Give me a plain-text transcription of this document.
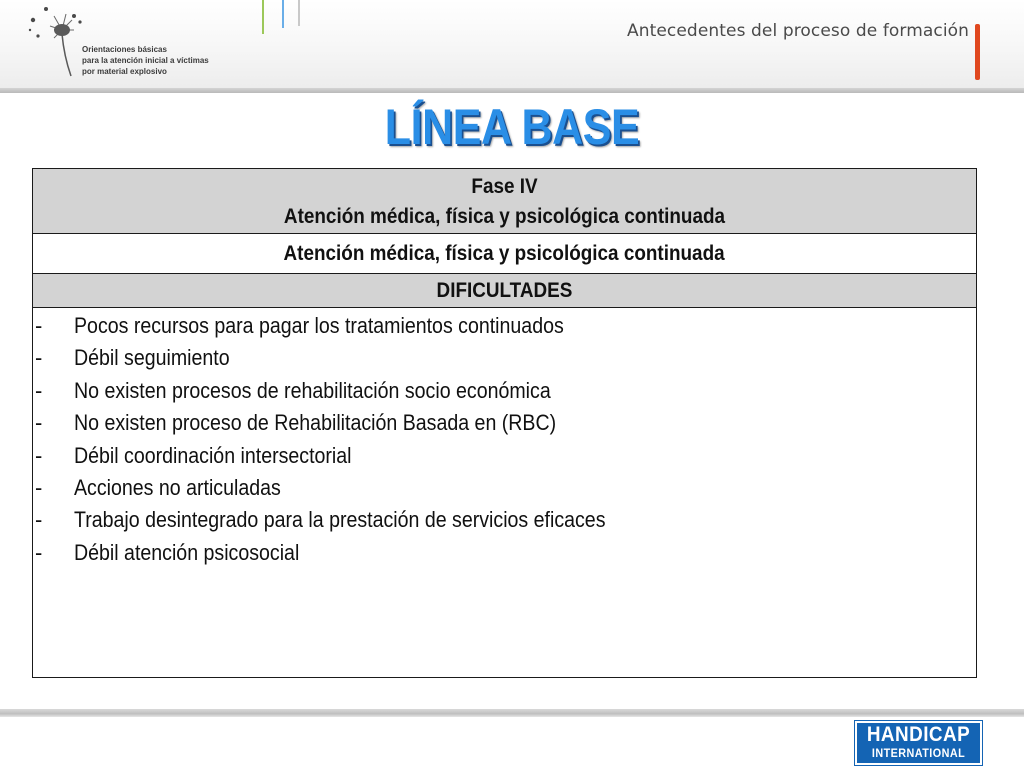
Orientaciones básicas
para la atención inicial a víctimas
por material explosivo
Antecedentes del proceso de formación
LÍNEA BASE
Fase IV
Atención médica, física y psicológica continuada
Atención médica, física y psicológica continuada
DIFICULTADES
- Pocos recursos para pagar los tratamientos continuados
- Débil seguimiento
- No existen procesos de rehabilitación socio económica
- No existen proceso de Rehabilitación Basada en (RBC)
- Débil coordinación intersectorial
- Acciones no articuladas
- Trabajo desintegrado para la prestación de servicios eficaces
- Débil atención psicosocial
HANDICAP
INTERNATIONAL
